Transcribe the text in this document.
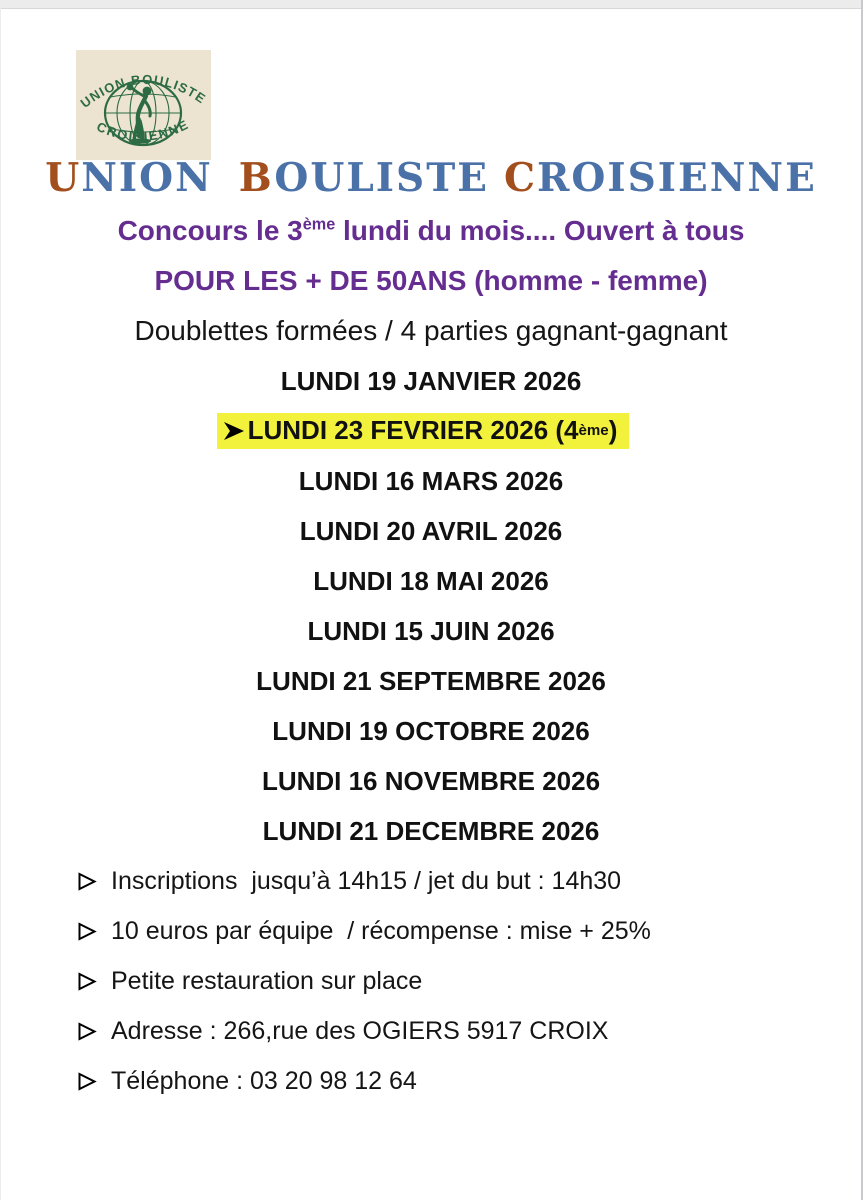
UNION BOULISTE
CROISIENNE
UNION BOULISTE CROISIENNE
Concours le 3ème lundi du mois.... Ouvert à tous
POUR LES + DE 50ANS (homme - femme)
Doublettes formées / 4 parties gagnant-gagnant
LUNDI 19 JANVIER 2026
LUNDI 23 FEVRIER 2026 (4 ème )
LUNDI 16 MARS 2026
LUNDI 20 AVRIL 2026
LUNDI 18 MAI 2026
LUNDI 15 JUIN 2026
LUNDI 21 SEPTEMBRE 2026
LUNDI 19 OCTOBRE 2026
LUNDI 16 NOVEMBRE 2026
LUNDI 21 DECEMBRE 2026
Inscriptions  jusqu’à 14h15 / jet du but : 14h30
10 euros par équipe  / récompense : mise + 25%
Petite restauration sur place
Adresse : 266,rue des OGIERS 5917 CROIX
Téléphone : 03 20 98 12 64
